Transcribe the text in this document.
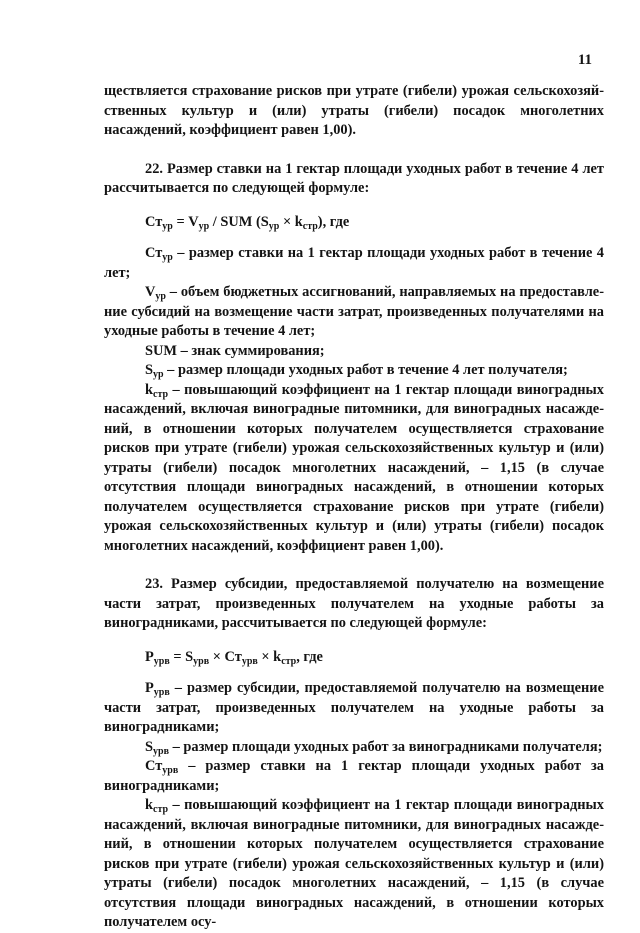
11

ществляется страхование рисков при утрате (гибели) урожая сельскохозяйственных культур и (или) утраты (гибели) посадок многолетних насаждений, коэффициент равен 1,00).

22. Размер ставки на 1 гектар площади уходных работ в течение 4 лет рассчитывается по следующей формуле:

$Ст_{ур} = V_{ур}$ / SUM $(S_{ур} \times k_{стр})$, где

$Ст_{ур}$ – размер ставки на 1 гектар площади уходных работ в течение 4 лет;

$V_{ур}$ – объем бюджетных ассигнований, направляемых на предоставление субсидий на возмещение части затрат, произведенных получателями на уходные работы в течение 4 лет;

SUM – знак суммирования;

$S_{ур}$ – размер площади уходных работ в течение 4 лет получателя;

$k_{стр}$ – повышающий коэффициент на 1 гектар площади виноградных насаждений, включая виноградные питомники, для виноградных насаждений, в отношении которых получателем осуществляется страхование рисков при утрате (гибели) урожая сельскохозяйственных культур и (или) утраты (гибели) посадок многолетних насаждений, – 1,15 (в случае отсутствия площади виноградных насаждений, в отношении которых получателем осуществляется страхование рисков при утрате (гибели) урожая сельскохозяйственных культур и (или) утраты (гибели) посадок многолетних насаждений, коэффициент равен 1,00).

23. Размер субсидии, предоставляемой получателю на возмещение части затрат, произведенных получателем на уходные работы за виноградниками, рассчитывается по следующей формуле:

$Р_{урв} = S_{урв} \times Ст_{урв} \times k_{стр}$, где

$Р_{урв}$ – размер субсидии, предоставляемой получателю на возмещение части затрат, произведенных получателем на уходные работы за виноградниками;

$S_{урв}$ – размер площади уходных работ за виноградниками получателя;

$Ст_{урв}$ – размер ставки на 1 гектар площади уходных работ за виноградниками;

$k_{стр}$ – повышающий коэффициент на 1 гектар площади виноградных насаждений, включая виноградные питомники, для виноградных насаждений, в отношении которых получателем осуществляется страхование рисков при утрате (гибели) урожая сельскохозяйственных культур и (или) утраты (гибели) посадок многолетних насаждений, – 1,15 (в случае отсутствия площади виноградных насаждений, в отношении которых получателем осу-
